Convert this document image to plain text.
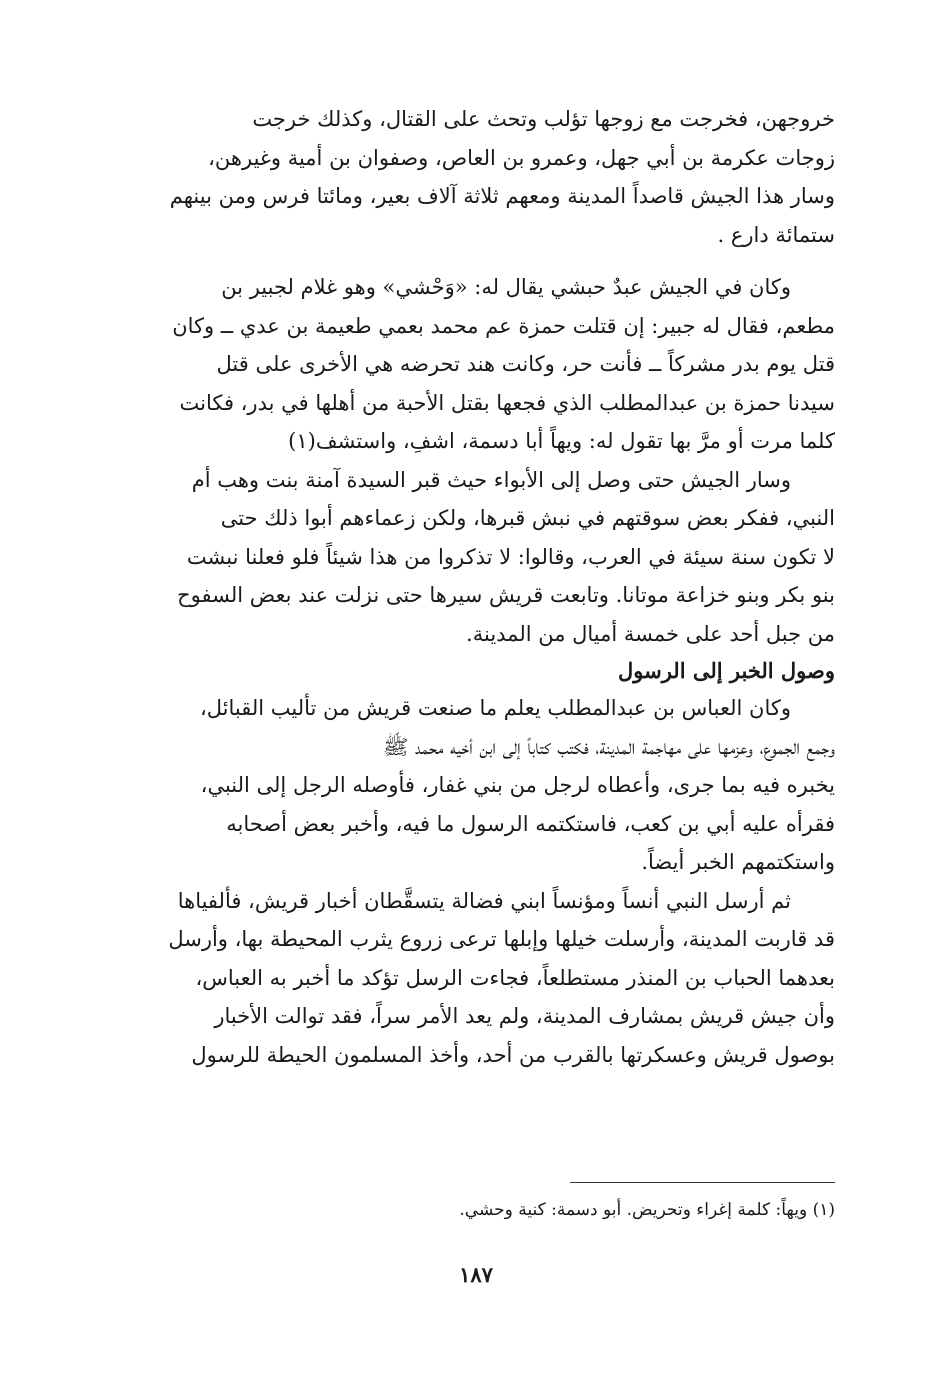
خروجهن، فخرجت مع زوجها تؤلب وتحث على القتال، وكذلك خرجت
زوجات عكرمة بن أبي جهل، وعمرو بن العاص، وصفوان بن أمية وغيرهن،
وسار هذا الجيش قاصداً المدينة ومعهم ثلاثة آلاف بعير، ومائتا فرس ومن بينهم
ستمائة دارع .
وكان في الجيش عبدٌ حبشي يقال له: «وَحْشي» وهو غلام لجبير بن
مطعم، فقال له جبير: إن قتلت حمزة عم محمد بعمي طعيمة بن عدي ــ وكان
قتل يوم بدر مشركاً ــ فأنت حر، وكانت هند تحرضه هي الأخرى على قتل
سيدنا حمزة بن عبدالمطلب الذي فجعها بقتل الأحبة من أهلها في بدر، فكانت
كلما مرت أو مرَّ بها تقول له: ويهاً أبا دسمة، اشفِ، واستشف(١)
وسار الجيش حتى وصل إلى الأبواء حيث قبر السيدة آمنة بنت وهب أم
النبي، ففكر بعض سوقتهم في نبش قبرها، ولكن زعماءهم أبوا ذلك حتى
لا تكون سنة سيئة في العرب، وقالوا: لا تذكروا من هذا شيئاً فلو فعلنا نبشت
بنو بكر وبنو خزاعة موتانا. وتابعت قريش سيرها حتى نزلت عند بعض السفوح
من جبل أحد على خمسة أميال من المدينة.
وصول الخبر إلى الرسول
وكان العباس بن عبدالمطلب يعلم ما صنعت قريش من تأليب القبائل،
وجمع الجموع، وعزمها على مهاجمة المدينة، فكتب كتاباً إلى ابن أخيه محمد ﷺ
يخبره فيه بما جرى، وأعطاه لرجل من بني غفار، فأوصله الرجل إلى النبي،
فقرأه عليه أبي بن كعب، فاستكتمه الرسول ما فيه، وأخبر بعض أصحابه
واستكتمهم الخبر أيضاً.
ثم أرسل النبي أنساً ومؤنساً ابني فضالة يتسقَّطان أخبار قريش، فألفياها
قد قاربت المدينة، وأرسلت خيلها وإبلها ترعى زروع يثرب المحيطة بها، وأرسل
بعدهما الحباب بن المنذر مستطلعاً، فجاءت الرسل تؤكد ما أخبر به العباس،
وأن جيش قريش بمشارف المدينة، ولم يعد الأمر سراً، فقد توالت الأخبار
بوصول قريش وعسكرتها بالقرب من أحد، وأخذ المسلمون الحيطة للرسول
(١) ويهاً: كلمة إغراء وتحريض. أبو دسمة: كنية وحشي.
١٨٧
